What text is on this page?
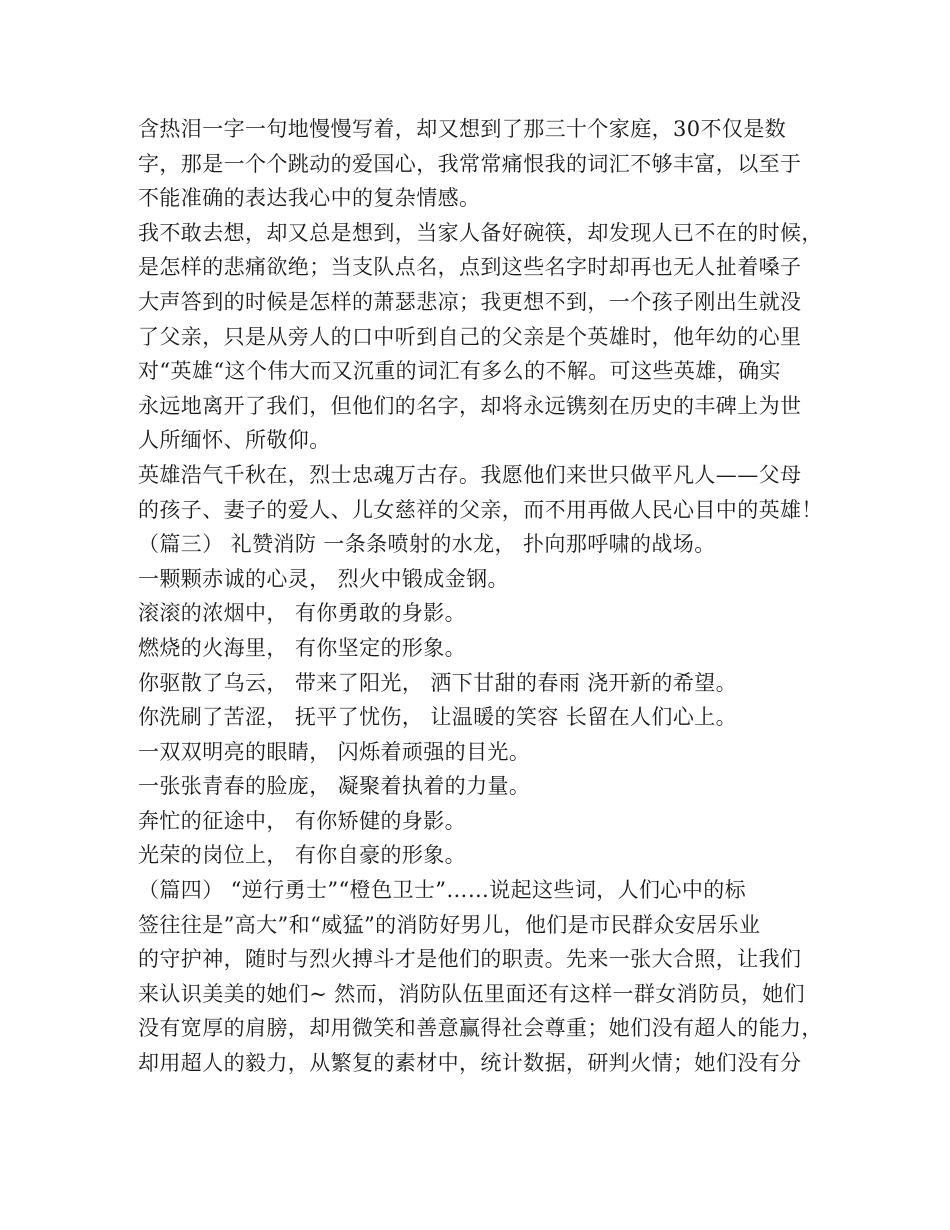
含热泪一字一句地慢慢写着，却又想到了那三十个家庭，30不仅是数
字，那是一个个跳动的爱国心，我常常痛恨我的词汇不够丰富，以至于
不能准确的表达我心中的复杂情感。
我不敢去想，却又总是想到，当家人备好碗筷，却发现人已不在的时候，
是怎样的悲痛欲绝；当支队点名，点到这些名字时却再也无人扯着嗓子
大声答到的时候是怎样的萧瑟悲凉；我更想不到，一个孩子刚出生就没
了父亲，只是从旁人的口中听到自己的父亲是个英雄时，他年幼的心里
对“英雄“这个伟大而又沉重的词汇有多么的不解。可这些英雄，确实
永远地离开了我们，但他们的名字，却将永远镌刻在历史的丰碑上为世
人所缅怀、所敬仰。
英雄浩气千秋在，烈士忠魂万古存。我愿他们来世只做平凡人——父母
的孩子、妻子的爱人、儿女慈祥的父亲，而不用再做人民心目中的英雄！
（篇三） 礼赞消防 一条条喷射的水龙， 扑向那呼啸的战场。
一颗颗赤诚的心灵， 烈火中锻成金钢。
滚滚的浓烟中， 有你勇敢的身影。
燃烧的火海里， 有你坚定的形象。
你驱散了乌云， 带来了阳光， 洒下甘甜的春雨 浇开新的希望。
你洗刷了苦涩， 抚平了忧伤， 让温暖的笑容 长留在人们心上。
一双双明亮的眼睛， 闪烁着顽强的目光。
一张张青春的脸庞， 凝聚着执着的力量。
奔忙的征途中， 有你矫健的身影。
光荣的岗位上， 有你自豪的形象。
（篇四） “逆行勇士”“橙色卫士”……说起这些词，人们心中的标
签往往是”高大”和“威猛”的消防好男儿，他们是市民群众安居乐业
的守护神，随时与烈火搏斗才是他们的职责。先来一张大合照，让我们
来认识美美的她们~ 然而，消防队伍里面还有这样一群女消防员，她们
没有宽厚的肩膀，却用微笑和善意赢得社会尊重；她们没有超人的能力，
却用超人的毅力，从繁复的素材中，统计数据，研判火情；她们没有分
